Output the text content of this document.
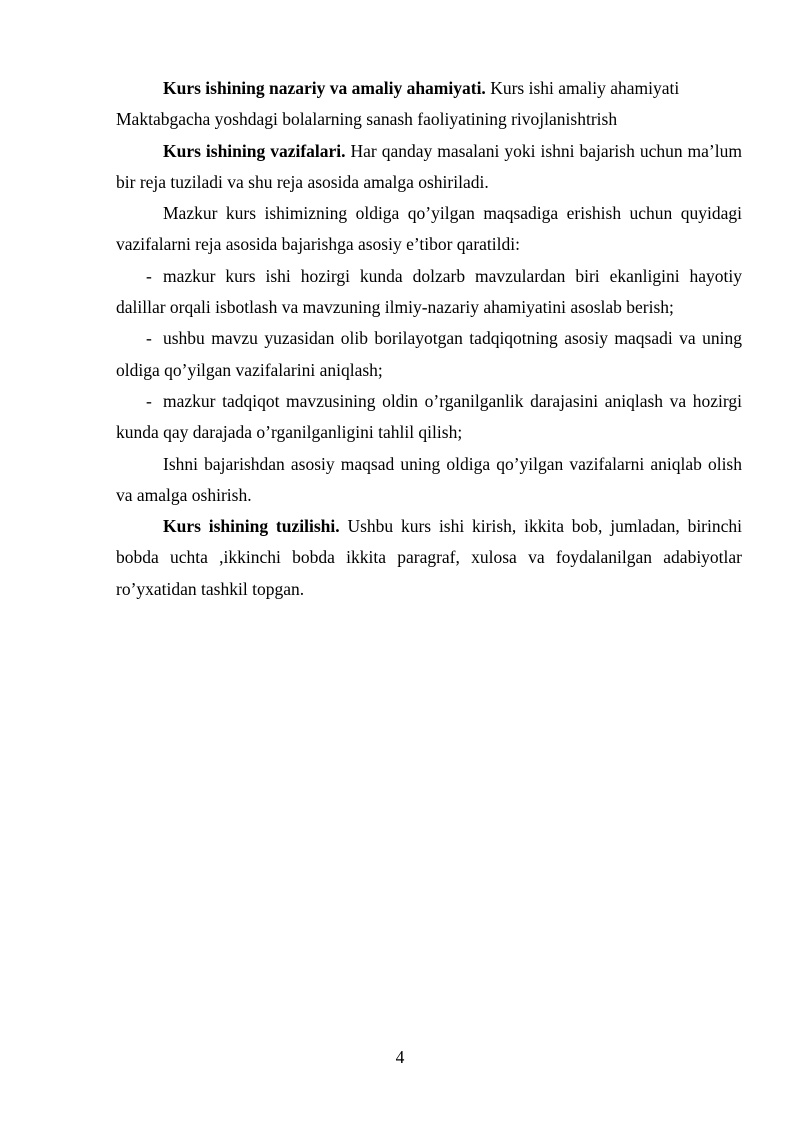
Kurs ishining nazariy va amaliy ahamiyati. Kurs ishi amaliy ahamiyati Maktabgacha yoshdagi bolalarning sanash faoliyatining rivojlanishtrish

Kurs ishining vazifalari. Har qanday masalani yoki ishni bajarish uchun ma’lum bir reja tuziladi va shu reja asosida amalga oshiriladi.

Mazkur kurs ishimizning oldiga qo’yilgan maqsadiga erishish uchun quyidagi vazifalarni reja asosida bajarishga asosiy e’tibor qaratildi:

- mazkur kurs ishi hozirgi kunda dolzarb mavzulardan biri ekanligini hayotiy dalillar orqali isbotlash va mavzuning ilmiy-nazariy ahamiyatini asoslab berish;

- ushbu mavzu yuzasidan olib borilayotgan tadqiqotning asosiy maqsadi va uning oldiga qo’yilgan vazifalarini aniqlash;

- mazkur tadqiqot mavzusining oldin o’rganilganlik darajasini aniqlash va hozirgi kunda qay darajada o’rganilganligini tahlil qilish;

Ishni bajarishdan asosiy maqsad uning oldiga qo’yilgan vazifalarni aniqlab olish va amalga oshirish.

Kurs ishining tuzilishi. Ushbu kurs ishi kirish, ikkita bob, jumladan, birinchi bobda uchta ,ikkinchi bobda ikkita paragraf, xulosa va foydalanilgan adabiyotlar ro’yxatidan tashkil topgan.

4
